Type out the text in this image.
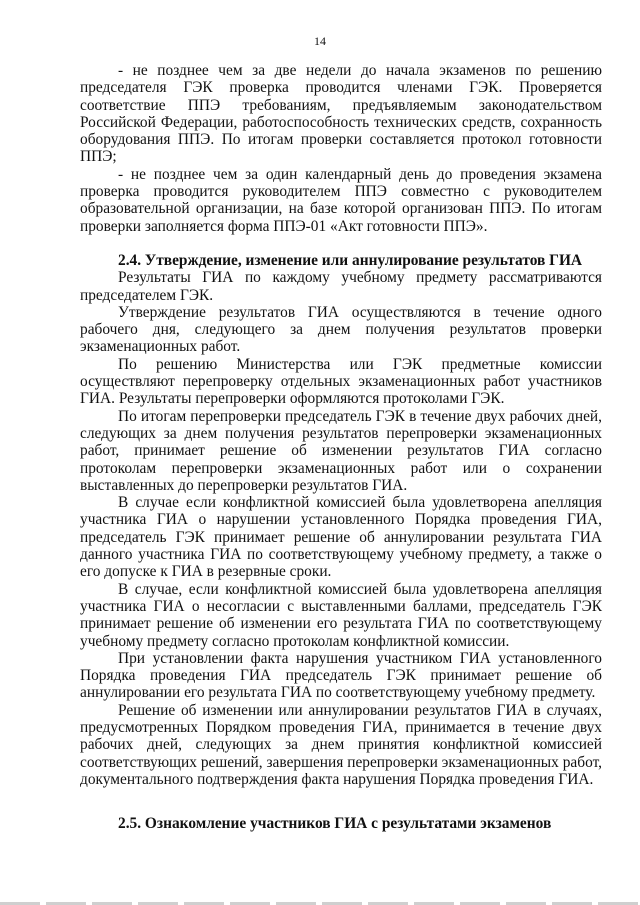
14

- не позднее чем за две недели до начала экзаменов по решению председателя ГЭК проверка проводится членами ГЭК. Проверяется соответствие ППЭ требованиям, предъявляемым законодательством Российской Федерации, работоспособность технических средств, сохранность оборудования ППЭ. По итогам проверки составляется протокол готовности ППЭ;

- не позднее чем за один календарный день до проведения экзамена проверка проводится руководителем ППЭ совместно с руководителем образовательной организации, на базе которой организован ППЭ. По итогам проверки заполняется форма ППЭ-01 «Акт готовности ППЭ».

2.4. Утверждение, изменение или аннулирование результатов ГИА

Результаты ГИА по каждому учебному предмету рассматриваются председателем ГЭК.

Утверждение результатов ГИА осуществляются в течение одного рабочего дня, следующего за днем получения результатов проверки экзаменационных работ.

По решению Министерства или ГЭК предметные комиссии осуществляют перепроверку отдельных экзаменационных работ участников ГИА. Результаты перепроверки оформляются протоколами ГЭК.

По итогам перепроверки председатель ГЭК в течение двух рабочих дней, следующих за днем получения результатов перепроверки экзаменационных работ, принимает решение об изменении результатов ГИА согласно протоколам перепроверки экзаменационных работ или о сохранении выставленных до перепроверки результатов ГИА.

В случае если конфликтной комиссией была удовлетворена апелляция участника ГИА о нарушении установленного Порядка проведения ГИА, председатель ГЭК принимает решение об аннулировании результата ГИА данного участника ГИА по соответствующему учебному предмету, а также о его допуске к ГИА в резервные сроки.

В случае, если конфликтной комиссией была удовлетворена апелляция участника ГИА о несогласии с выставленными баллами, председатель ГЭК принимает решение об изменении его результата ГИА по соответствующему учебному предмету согласно протоколам конфликтной комиссии.

При установлении факта нарушения участником ГИА установленного Порядка проведения ГИА председатель ГЭК принимает решение об аннулировании его результата ГИА по соответствующему учебному предмету.

Решение об изменении или аннулировании результатов ГИА в случаях, предусмотренных Порядком проведения ГИА, принимается в течение двух рабочих дней, следующих за днем принятия конфликтной комиссией соответствующих решений, завершения перепроверки экзаменационных работ, документального подтверждения факта нарушения Порядка проведения ГИА.

2.5. Ознакомление участников ГИА с результатами экзаменов
